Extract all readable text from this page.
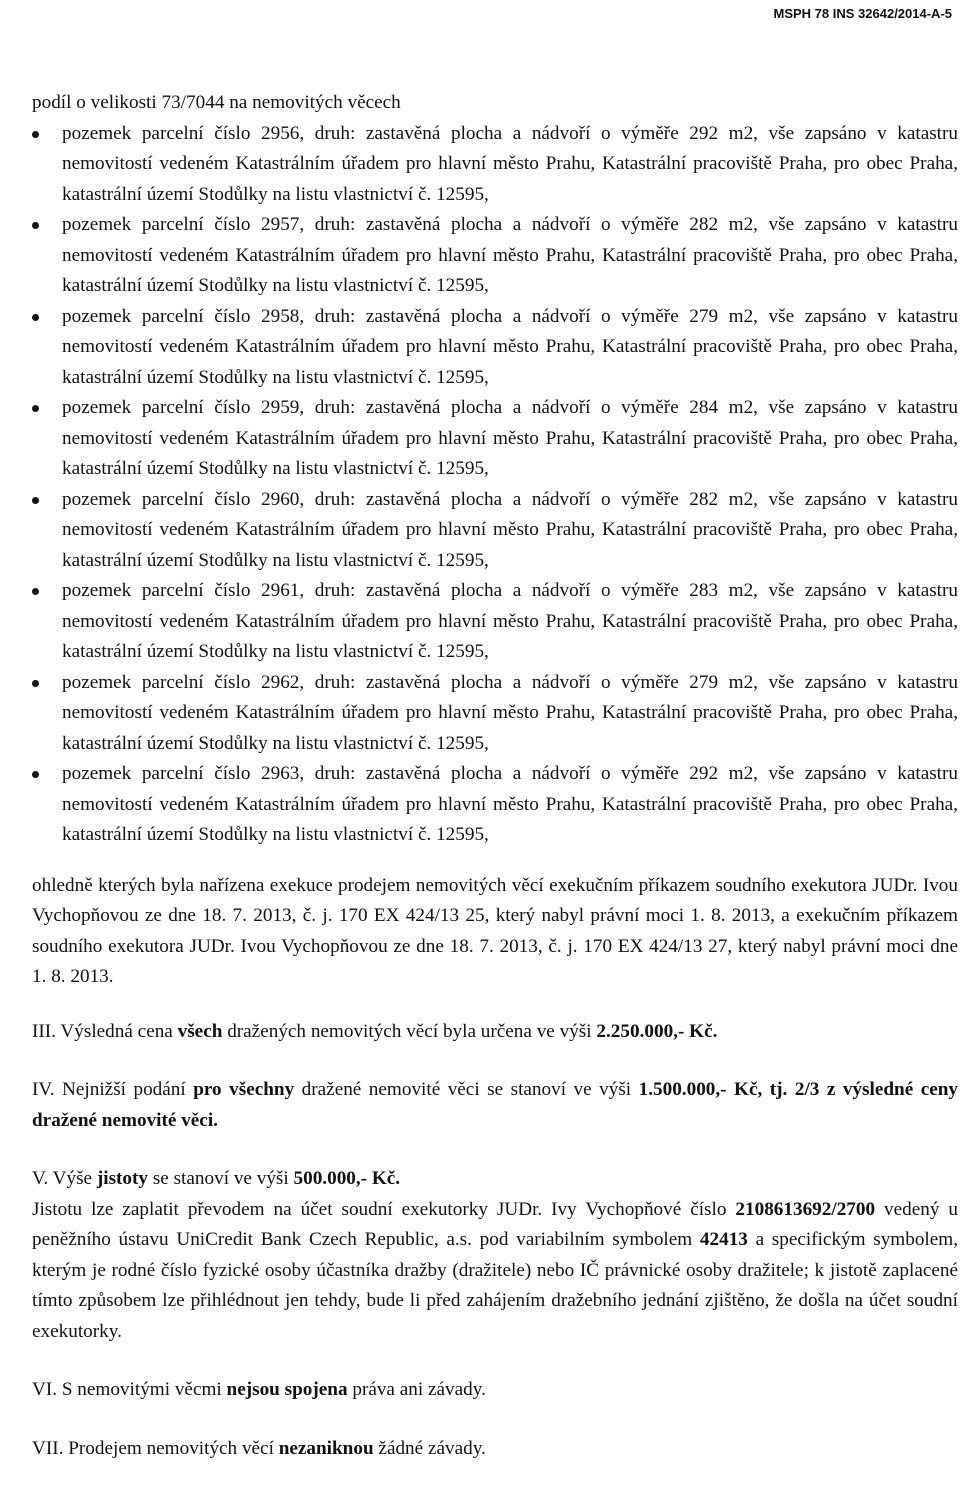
MSPH 78 INS 32642/2014-A-5

podíl o velikosti 73/7044 na nemovitých věcech

pozemek parcelní číslo 2956, druh: zastavěná plocha a nádvoří o výměře 292 m2, vše zapsáno v katastru nemovitostí vedeném Katastrálním úřadem pro hlavní město Prahu, Katastrální pracoviště Praha, pro obec Praha, katastrální území Stodůlky na listu vlastnictví č. 12595,
pozemek parcelní číslo 2957, druh: zastavěná plocha a nádvoří o výměře 282 m2, vše zapsáno v katastru nemovitostí vedeném Katastrálním úřadem pro hlavní město Prahu, Katastrální pracoviště Praha, pro obec Praha, katastrální území Stodůlky na listu vlastnictví č. 12595,
pozemek parcelní číslo 2958, druh: zastavěná plocha a nádvoří o výměře 279 m2, vše zapsáno v katastru nemovitostí vedeném Katastrálním úřadem pro hlavní město Prahu, Katastrální pracoviště Praha, pro obec Praha, katastrální území Stodůlky na listu vlastnictví č. 12595,
pozemek parcelní číslo 2959, druh: zastavěná plocha a nádvoří o výměře 284 m2, vše zapsáno v katastru nemovitostí vedeném Katastrálním úřadem pro hlavní město Prahu, Katastrální pracoviště Praha, pro obec Praha, katastrální území Stodůlky na listu vlastnictví č. 12595,
pozemek parcelní číslo 2960, druh: zastavěná plocha a nádvoří o výměře 282 m2, vše zapsáno v katastru nemovitostí vedeném Katastrálním úřadem pro hlavní město Prahu, Katastrální pracoviště Praha, pro obec Praha, katastrální území Stodůlky na listu vlastnictví č. 12595,
pozemek parcelní číslo 2961, druh: zastavěná plocha a nádvoří o výměře 283 m2, vše zapsáno v katastru nemovitostí vedeném Katastrálním úřadem pro hlavní město Prahu, Katastrální pracoviště Praha, pro obec Praha, katastrální území Stodůlky na listu vlastnictví č. 12595,
pozemek parcelní číslo 2962, druh: zastavěná plocha a nádvoří o výměře 279 m2, vše zapsáno v katastru nemovitostí vedeném Katastrálním úřadem pro hlavní město Prahu, Katastrální pracoviště Praha, pro obec Praha, katastrální území Stodůlky na listu vlastnictví č. 12595,
pozemek parcelní číslo 2963, druh: zastavěná plocha a nádvoří o výměře 292 m2, vše zapsáno v katastru nemovitostí vedeném Katastrálním úřadem pro hlavní město Prahu, Katastrální pracoviště Praha, pro obec Praha, katastrální území Stodůlky na listu vlastnictví č. 12595,

ohledně kterých byla nařízena exekuce prodejem nemovitých věcí exekučním příkazem soudního exekutora JUDr. Ivou Vychopňovou ze dne 18. 7. 2013, č. j. 170 EX 424/13 25, který nabyl právní moci 1. 8. 2013, a exekučním příkazem soudního exekutora JUDr. Ivou Vychopňovou ze dne 18. 7. 2013, č. j. 170 EX 424/13 27, který nabyl právní moci dne 1. 8. 2013.

III. Výsledná cena všech dražených nemovitých věcí byla určena ve výši 2.250.000,- Kč.

IV. Nejnižší podání pro všechny dražené nemovité věci se stanoví ve výši 1.500.000,- Kč, tj. 2/3 z výsledné ceny dražené nemovité věci.

V. Výše jistoty se stanoví ve výši 500.000,- Kč.

Jistotu lze zaplatit převodem na účet soudní exekutorky JUDr. Ivy Vychopňové číslo 2108613692/2700 vedený u peněžního ústavu UniCredit Bank Czech Republic, a.s. pod variabilním symbolem 42413 a specifickým symbolem, kterým je rodné číslo fyzické osoby účastníka dražby (dražitele) nebo IČ právnické osoby dražitele; k jistotě zaplacené tímto způsobem lze přihlédnout jen tehdy, bude li před zahájením dražebního jednání zjištěno, že došla na účet soudní exekutorky.

VI. S nemovitými věcmi nejsou spojena práva ani závady.

VII. Prodejem nemovitých věcí nezaniknou žádné závady.
